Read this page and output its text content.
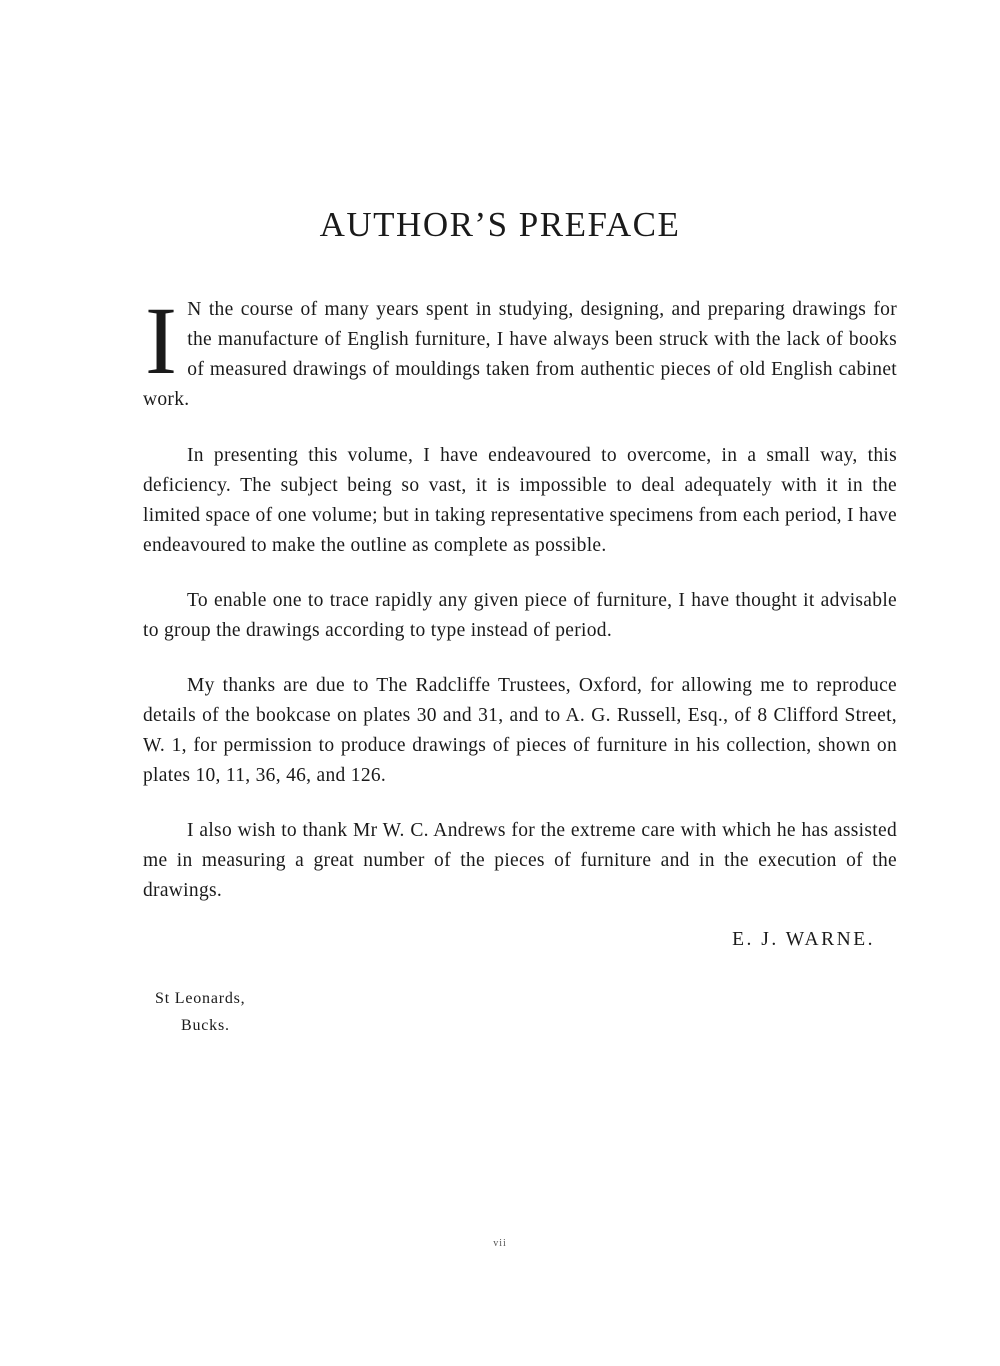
AUTHOR’S PREFACE

I N the course of many years spent in studying, designing, and preparing drawings for the manufacture of English furniture, I have always been struck with the lack of books of measured drawings of mouldings taken from authentic pieces of old English cabinet work.

In presenting this volume, I have endeavoured to overcome, in a small way, this deficiency. The subject being so vast, it is impossible to deal adequately with it in the limited space of one volume; but in taking representative specimens from each period, I have endeavoured to make the outline as complete as possible.

To enable one to trace rapidly any given piece of furniture, I have thought it advisable to group the drawings according to type instead of period.

My thanks are due to The Radcliffe Trustees, Oxford, for allowing me to reproduce details of the bookcase on plates 30 and 31, and to A. G. Russell, Esq., of 8 Clifford Street, W. 1, for permission to produce drawings of pieces of furniture in his collection, shown on plates 10, 11, 36, 46, and 126.

I also wish to thank Mr W. C. Andrews for the extreme care with which he has assisted me in measuring a great number of the pieces of furniture and in the execution of the drawings.

E. J. WARNE.
St Leonards,
Bucks.
vii
